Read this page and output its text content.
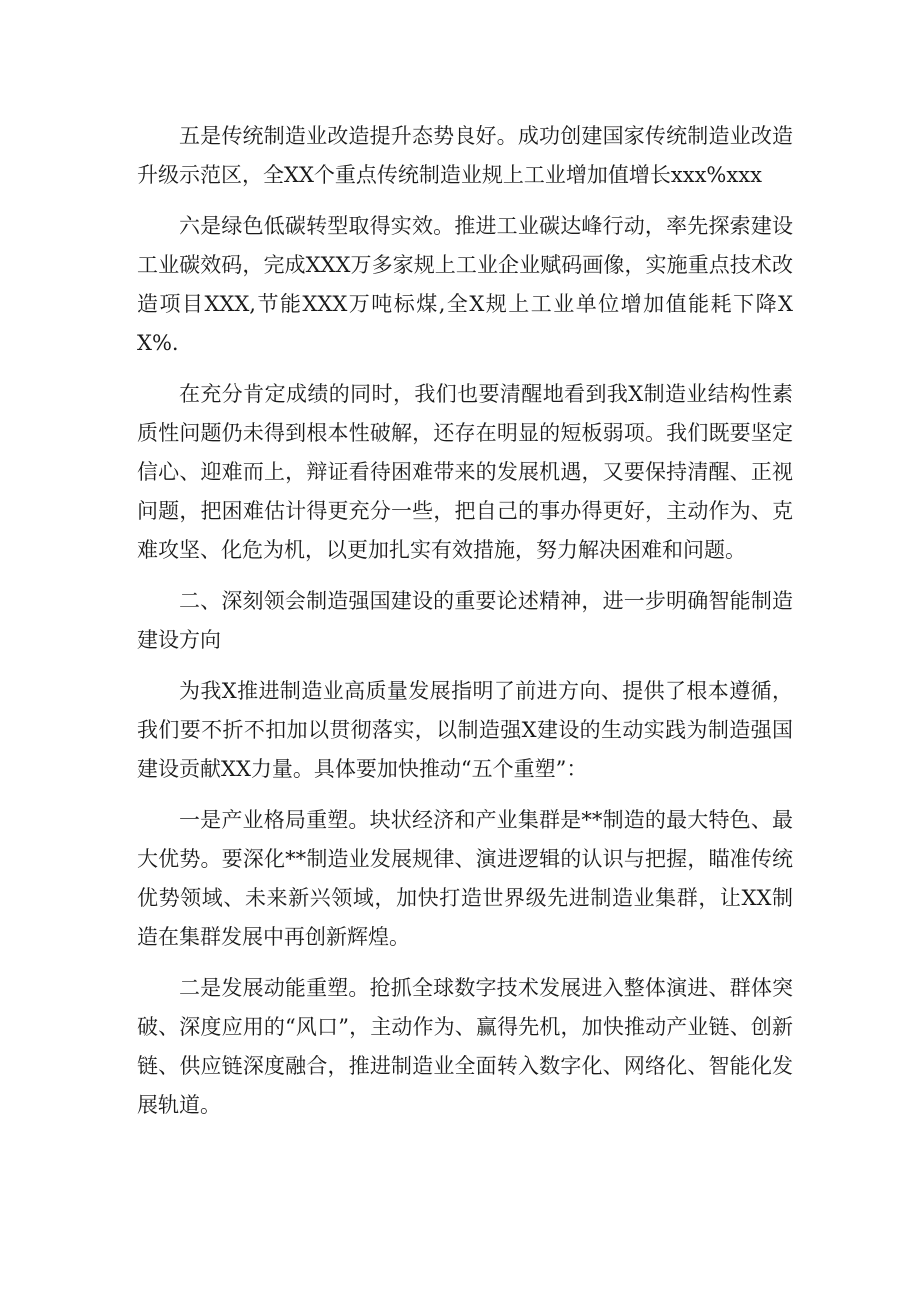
五是传统制造业改造提升态势良好。成功创建国家传统制造业改造升级示范区，全XX个重点传统制造业规上工业增加值增长xxx%xxx

六是绿色低碳转型取得实效。推进工业碳达峰行动，率先探索建设工业碳效码，完成XXX万多家规上工业企业赋码画像，实施重点技术改造项目XXX,节能XXX万吨标煤,全X规上工业单位增加值能耗下降XX%.

在充分肯定成绩的同时，我们也要清醒地看到我X制造业结构性素质性问题仍未得到根本性破解，还存在明显的短板弱项。我们既要坚定信心、迎难而上，辩证看待困难带来的发展机遇，又要保持清醒、正视问题，把困难估计得更充分一些，把自己的事办得更好，主动作为、克难攻坚、化危为机，以更加扎实有效措施，努力解决困难和问题。

二、深刻领会制造强国建设的重要论述精神，进一步明确智能制造建设方向

为我X推进制造业高质量发展指明了前进方向、提供了根本遵循，我们要不折不扣加以贯彻落实，以制造强X建设的生动实践为制造强国建设贡献XX力量。具体要加快推动“五个重塑”：

一是产业格局重塑。块状经济和产业集群是**制造的最大特色、最大优势。要深化**制造业发展规律、演进逻辑的认识与把握，瞄准传统优势领域、未来新兴领域，加快打造世界级先进制造业集群，让XX制造在集群发展中再创新辉煌。

二是发展动能重塑。抢抓全球数字技术发展进入整体演进、群体突破、深度应用的“风口”，主动作为、赢得先机，加快推动产业链、创新链、供应链深度融合，推进制造业全面转入数字化、网络化、智能化发展轨道。
